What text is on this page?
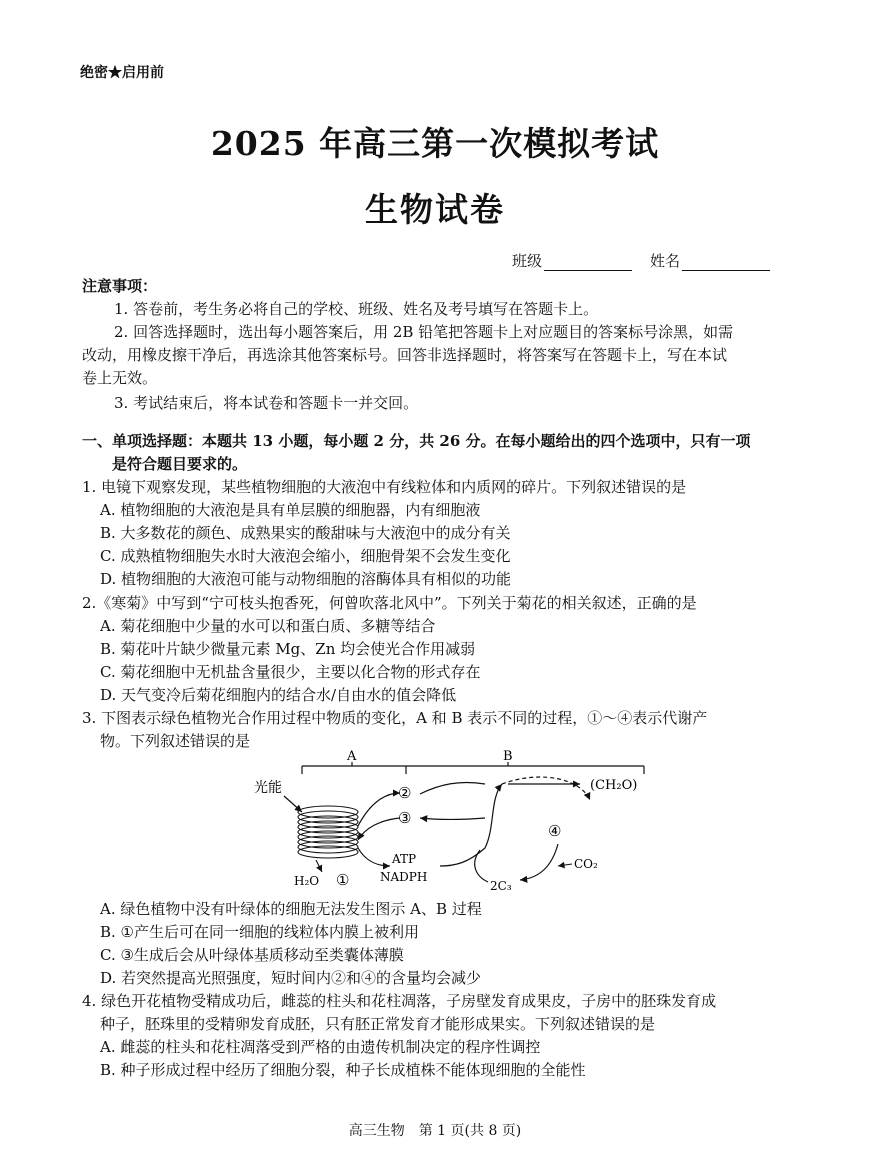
绝密★启用前
2025 年高三第一次模拟考试
生物试卷
班级	姓名
注意事项：
1. 答卷前，考生务必将自己的学校、班级、姓名及考号填写在答题卡上。
2. 回答选择题时，选出每小题答案后，用 2B 铅笔把答题卡上对应题目的答案标号涂黑，如需
改动，用橡皮擦干净后，再选涂其他答案标号。回答非选择题时，将答案写在答题卡上，写在本试
卷上无效。
3. 考试结束后，将本试卷和答题卡一并交回。
一、单项选择题：本题共 13 小题，每小题 2 分，共 26 分。在每小题给出的四个选项中，只有一项
是符合题目要求的。
1. 电镜下观察发现，某些植物细胞的大液泡中有线粒体和内质网的碎片。下列叙述错误的是
A. 植物细胞的大液泡是具有单层膜的细胞器，内有细胞液
B. 大多数花的颜色、成熟果实的酸甜味与大液泡中的成分有关
C. 成熟植物细胞失水时大液泡会缩小，细胞骨架不会发生变化
D. 植物细胞的大液泡可能与动物细胞的溶酶体具有相似的功能
2.《寒菊》中写到“宁可枝头抱香死，何曾吹落北风中”。下列关于菊花的相关叙述，正确的是
A. 菊花细胞中少量的水可以和蛋白质、多糖等结合
B. 菊花叶片缺少微量元素 Mg、Zn 均会使光合作用减弱
C. 菊花细胞中无机盐含量很少，主要以化合物的形式存在
D. 天气变冷后菊花细胞内的结合水/自由水的值会降低
3. 下图表示绿色植物光合作用过程中物质的变化，A 和 B 表示不同的过程，①～④表示代谢产
物。下列叙述错误的是
A	B
光能	②
③
ATP
NADPH
H₂O ①
(CH₂O)
④
CO₂
2C₃
A. 绿色植物中没有叶绿体的细胞无法发生图示 A、B 过程
B. ①产生后可在同一细胞的线粒体内膜上被利用
C. ③生成后会从叶绿体基质移动至类囊体薄膜
D. 若突然提高光照强度，短时间内②和④的含量均会减少
4. 绿色开花植物受精成功后，雌蕊的柱头和花柱凋落，子房壁发育成果皮，子房中的胚珠发育成
种子，胚珠里的受精卵发育成胚，只有胚正常发育才能形成果实。下列叙述错误的是
A. 雌蕊的柱头和花柱凋落受到严格的由遗传机制决定的程序性调控
B. 种子形成过程中经历了细胞分裂，种子长成植株不能体现细胞的全能性
高三生物　第 1 页(共 8 页)
